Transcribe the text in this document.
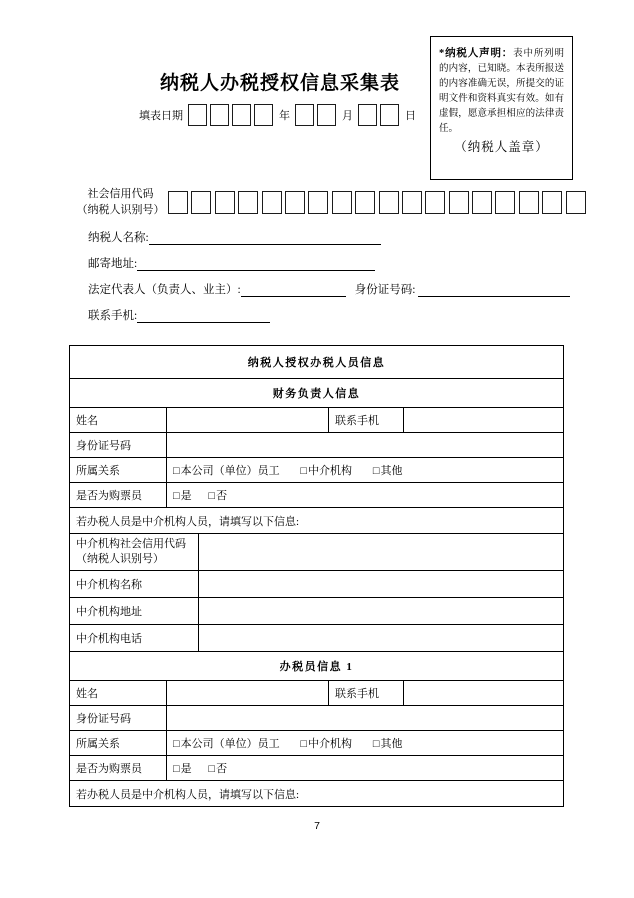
*纳税人声明：表中所列明的内容，已知晓。本表所报送的内容准确无误，所提交的证明文件和资料真实有效。如有虚假，愿意承担相应的法律责任。
（纳税人盖章）
纳税人办税授权信息采集表
填表日期	年	月	日
社会信用代码
（纳税人识别号）
纳税人名称:
邮寄地址:
法定代表人（负责人、业主）:	身份证号码:
联系手机:
纳税人授权办税人员信息				
财务负责人信息				
姓名			联系手机	
身份证号码				
所属关系	□本公司（单位）员工 □中介机构 □其他			
是否为购票员	□是 □否			
若办税人员是中介机构人员，请填写以下信息:				
中介机构社会信用代码（纳税人识别号）				
中介机构名称				
中介机构地址				
中介机构电话				
办税员信息 1				
姓名			联系手机	
身份证号码				
所属关系	□本公司（单位）员工 □中介机构 □其他			
是否为购票员	□是 □否			
若办税人员是中介机构人员，请填写以下信息:				
7
